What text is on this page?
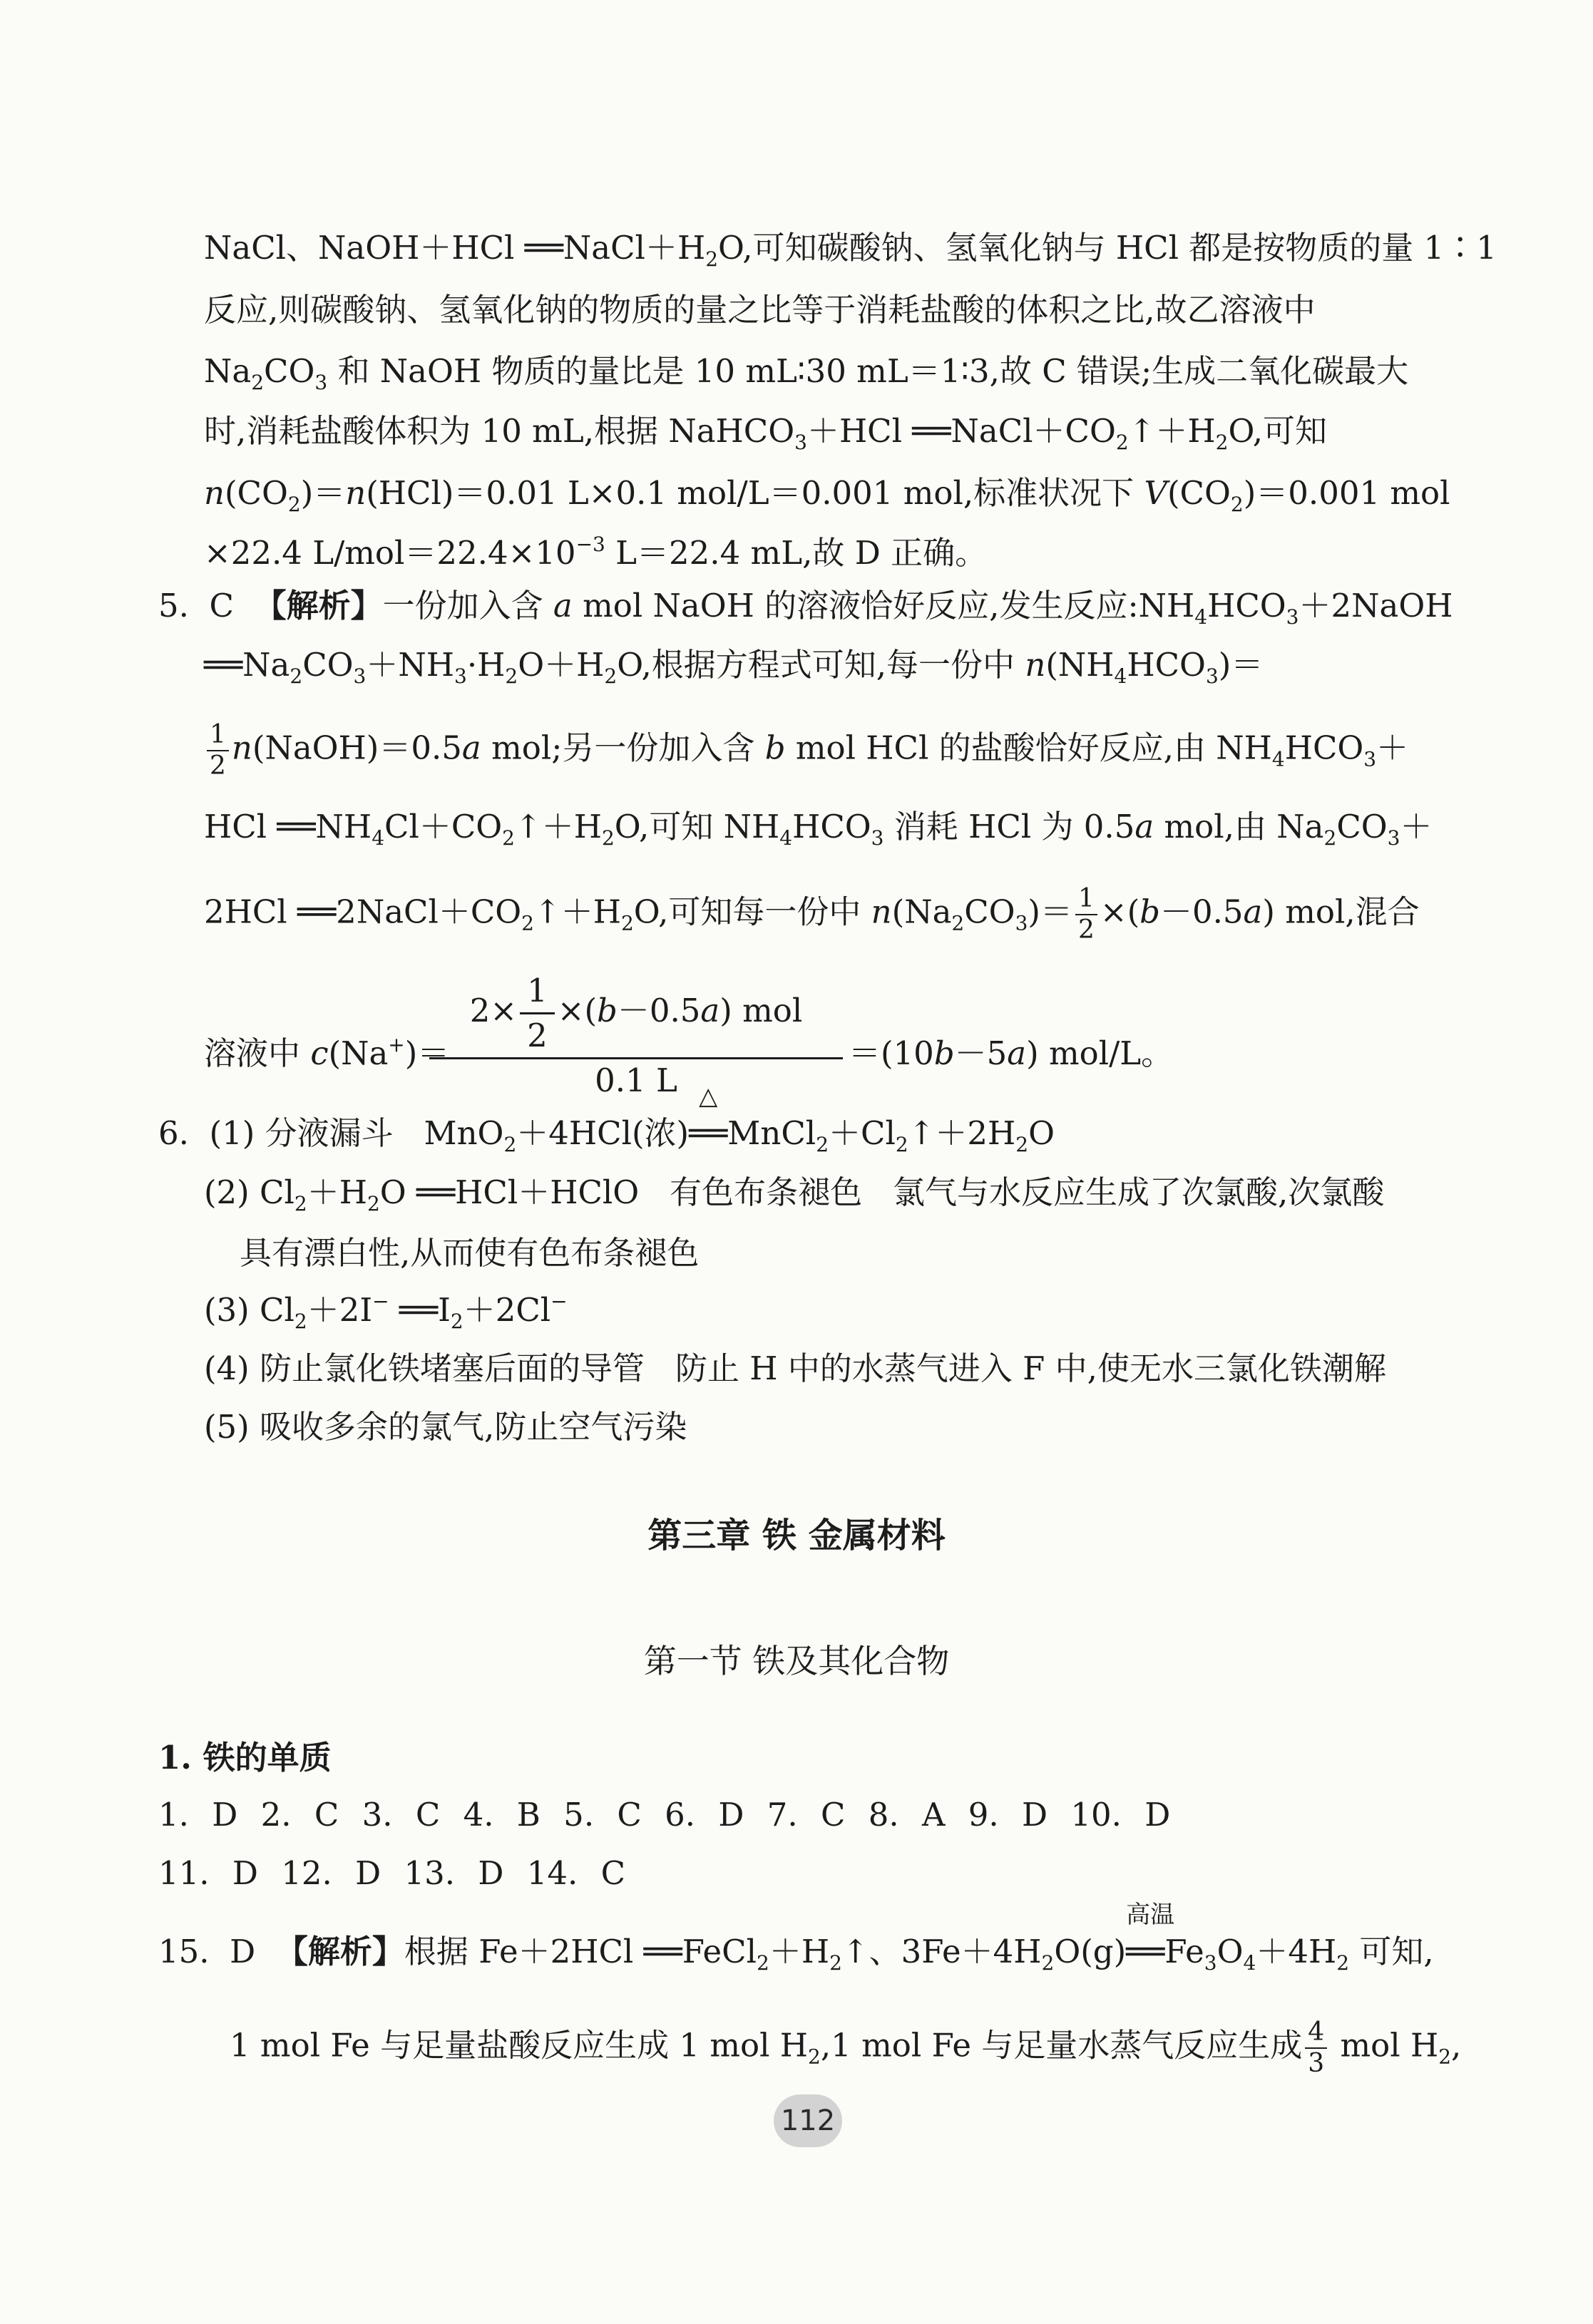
NaCl、NaOH＋HCl $══NaCl+H_2O$,可知碳酸钠、氢氧化钠与 HCl 都是按物质的量 1∶1
反应,则碳酸钠、氢氧化钠的物质的量之比等于消耗盐酸的体积之比,故乙溶液中
$Na_2CO_3$ 和 NaOH 物质的量比是 10 mL∶30 mL＝1∶3,故 C 错误;生成二氧化碳最大
时,消耗盐酸体积为 10 mL,根据 NaHCO$_3$＋HCl $══NaCl+CO_2↑+H_2O$,可知
$n(CO_2)=n(HCl)=0.01$ L×0.1 mol/L＝0.001 mol,标准状况下 $V(CO_2)=0.001$ mol
×22.4 $L/mol=22.4\times 10^{-3}$ L＝22.4 mL,故 D 正确。
5.  C  【解析】一份加入含 a mol NaOH 的溶液恰好反应,发生反应$:NH_4HCO_3+2NaOH$
$══Na_2CO_3+NH_3\cdot H_2O+H_2O$,根据方程式可知,每一份中 $n(NH_4HCO_3)=$
$\frac{1}{2}$ n(NaOH)＝0.5a mol;另一份加入含 b mol HCl 的盐酸恰好反应,由 $NH_4HCO_3+$
HCl $══NH_4Cl+CO_2↑+H_2O$,可知 $NH_4HCO_3$ 消耗 HCl 为 0.5a mol,由 $Na_2CO_3+$
2HCl $══2NaCl+CO_2↑+H_2O$,可知每一份中 $n(Na_2CO_3)= \frac{1}{2} \times(b-0.5a)$ mol,混合
溶液中 c(Na+)＝
$2\times \frac{1}{2} \times(b-0.5a)$ mol
0.1 L
＝(10b－5a) mol/L。
6.  (1) 分液漏斗   MnO$_2$＋4HCl(浓)
△
$══MnCl_2+Cl_2↑+2H_2O$
(2) $Cl_2+H_2O$ ══HCl＋HClO   有色布条褪色   氯气与水反应生成了次氯酸,次氯酸
具有漂白性,从而使有色布条褪色
(3) $Cl_2+2I^-$ $══I_2+2Cl^-$
(4) 防止氯化铁堵塞后面的导管   防止 H 中的水蒸气进入 F 中,使无水三氯化铁潮解
(5) 吸收多余的氯气,防止空气污染
第三章 铁 金属材料
第一节 铁及其化合物
1. 铁的单质
1. D 2. C 3. C 4. B 5. C 6. D 7. C 8. A 9. D 10. D
11. D 12. D 13. D 14. C
15.  D  【解析】根据 Fe＋2HCl $══FeCl_2+H_2↑$、$3Fe+4H_2O(g)$
高温
$══Fe_3O_4+4H_2$ 可知,
1 mol Fe 与足量盐酸反应生成 1 mol $H_2,1$ mol Fe 与足量水蒸气反应生成 $\frac{4}{3}$ mol $H_2$,
112
